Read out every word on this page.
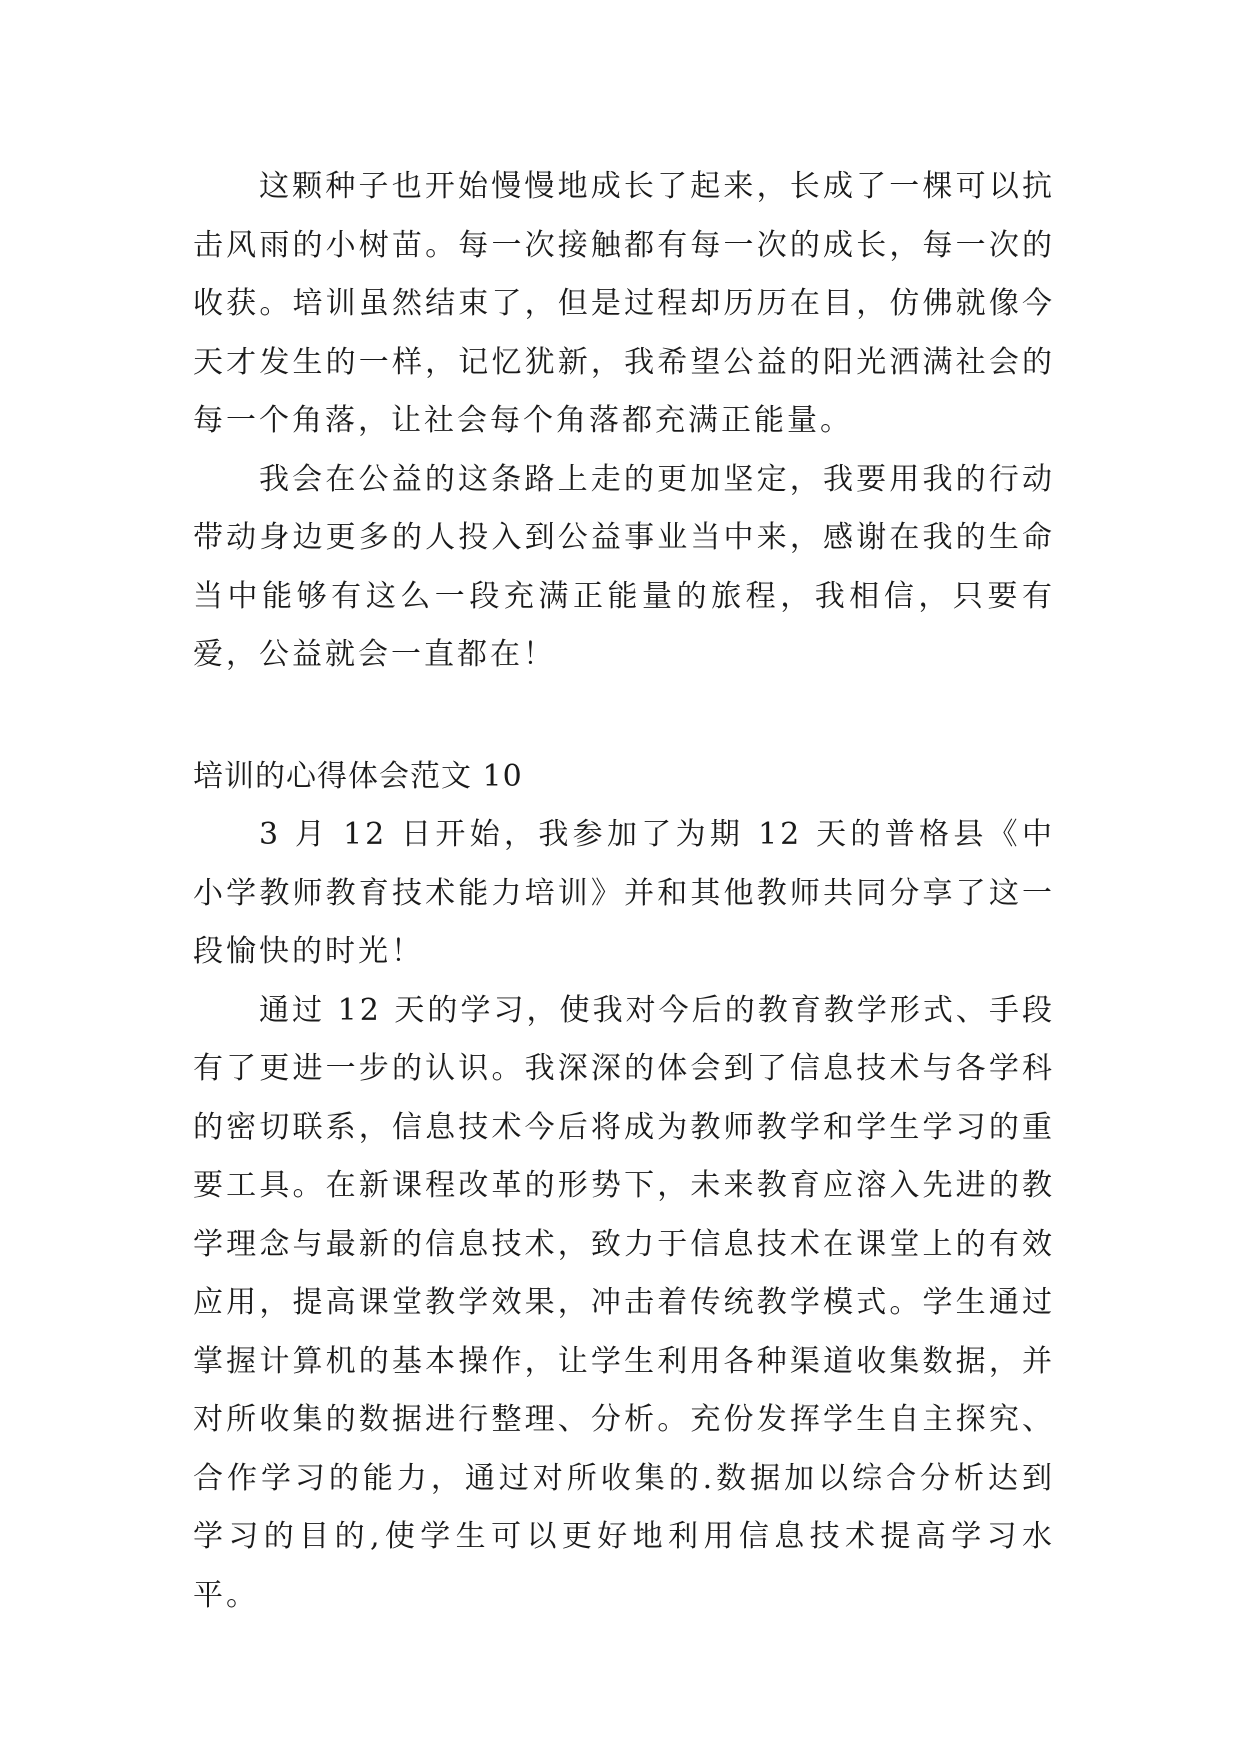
这颗种子也开始慢慢地成长了起来，长成了一棵可以抗击风雨的小树苗。每一次接触都有每一次的成长，每一次的收获。培训虽然结束了，但是过程却历历在目，仿佛就像今天才发生的一样，记忆犹新，我希望公益的阳光洒满社会的每一个角落，让社会每个角落都充满正能量。

我会在公益的这条路上走的更加坚定，我要用我的行动带动身边更多的人投入到公益事业当中来，感谢在我的生命当中能够有这么一段充满正能量的旅程，我相信，只要有爱，公益就会一直都在！

培训的心得体会范文 10

3 月 12 日开始，我参加了为期 12 天的普格县《中小学教师教育技术能力培训》并和其他教师共同分享了这一段愉快的时光！

通过 12 天的学习，使我对今后的教育教学形式、手段有了更进一步的认识。我深深的体会到了信息技术与各学科的密切联系，信息技术今后将成为教师教学和学生学习的重要工具。在新课程改革的形势下，未来教育应溶入先进的教学理念与最新的信息技术，致力于信息技术在课堂上的有效应用，提高课堂教学效果，冲击着传统教学模式。学生通过掌握计算机的基本操作，让学生利用各种渠道收集数据，并对所收集的数据进行整理、分析。充份发挥学生自主探究、合作学习的能力，通过对所收集的.数据加以综合分析达到学习的目的,使学生可以更好地利用信息技术提高学习水平。
